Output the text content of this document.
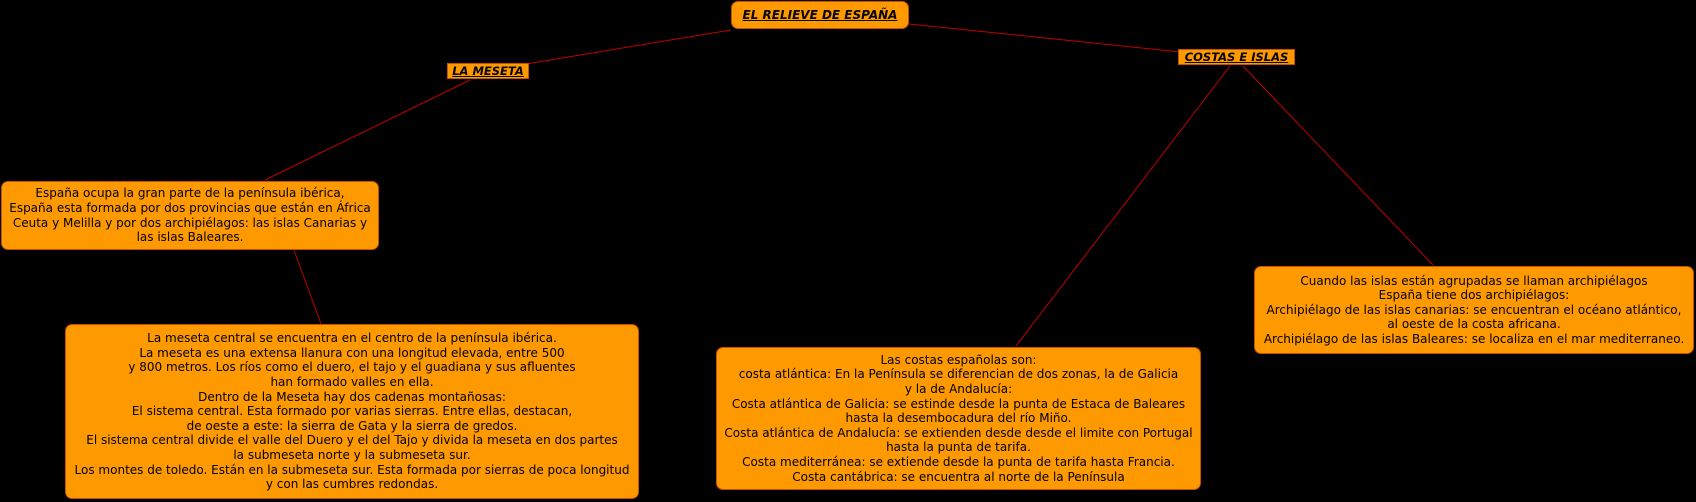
EL RELIEVE DE ESPAÑA
LA MESETA
COSTAS E ISLAS
España ocupa la gran parte de la península ibérica,
España esta formada por dos provincias que están en África
Ceuta y Melilla y por dos archipiélagos: las islas Canarias y
las islas Baleares.
La meseta central se encuentra en el centro de la península ibérica.
La meseta es una extensa llanura con una longitud elevada, entre 500
y 800 metros. Los ríos como el duero, el tajo y el guadiana y sus afluentes
han formado valles en ella.
Dentro de la Meseta hay dos cadenas montañosas:
El sistema central. Esta formado por varias sierras. Entre ellas, destacan,
de oeste a este: la sierra de Gata y la sierra de gredos.
El sistema central divide el valle del Duero y el del Tajo y divida la meseta en dos partes
la submeseta norte y la submeseta sur.
Los montes de toledo. Están en la submeseta sur. Esta formada por sierras de poca longitud
y con las cumbres redondas.
Las costas españolas son:
costa atlántica: En la Península se diferencian de dos zonas, la de Galicia
y la de Andalucía:
Costa atlántica de Galicia: se estinde desde la punta de Estaca de Baleares
hasta la desembocadura del río Miño.
Costa atlántica de Andalucía: se extienden desde desde el limite con Portugal
hasta la punta de tarifa.
Costa mediterránea: se extiende desde la punta de tarifa hasta Francia.
Costa cantábrica: se encuentra al norte de la Península
Cuando las islas están agrupadas se llaman archipiélagos
España tiene dos archipiélagos:
Archipiélago de las islas canarias: se encuentran el océano atlántico,
al oeste de la costa africana.
Archipiélago de las islas Baleares: se localiza en el mar mediterraneo.
